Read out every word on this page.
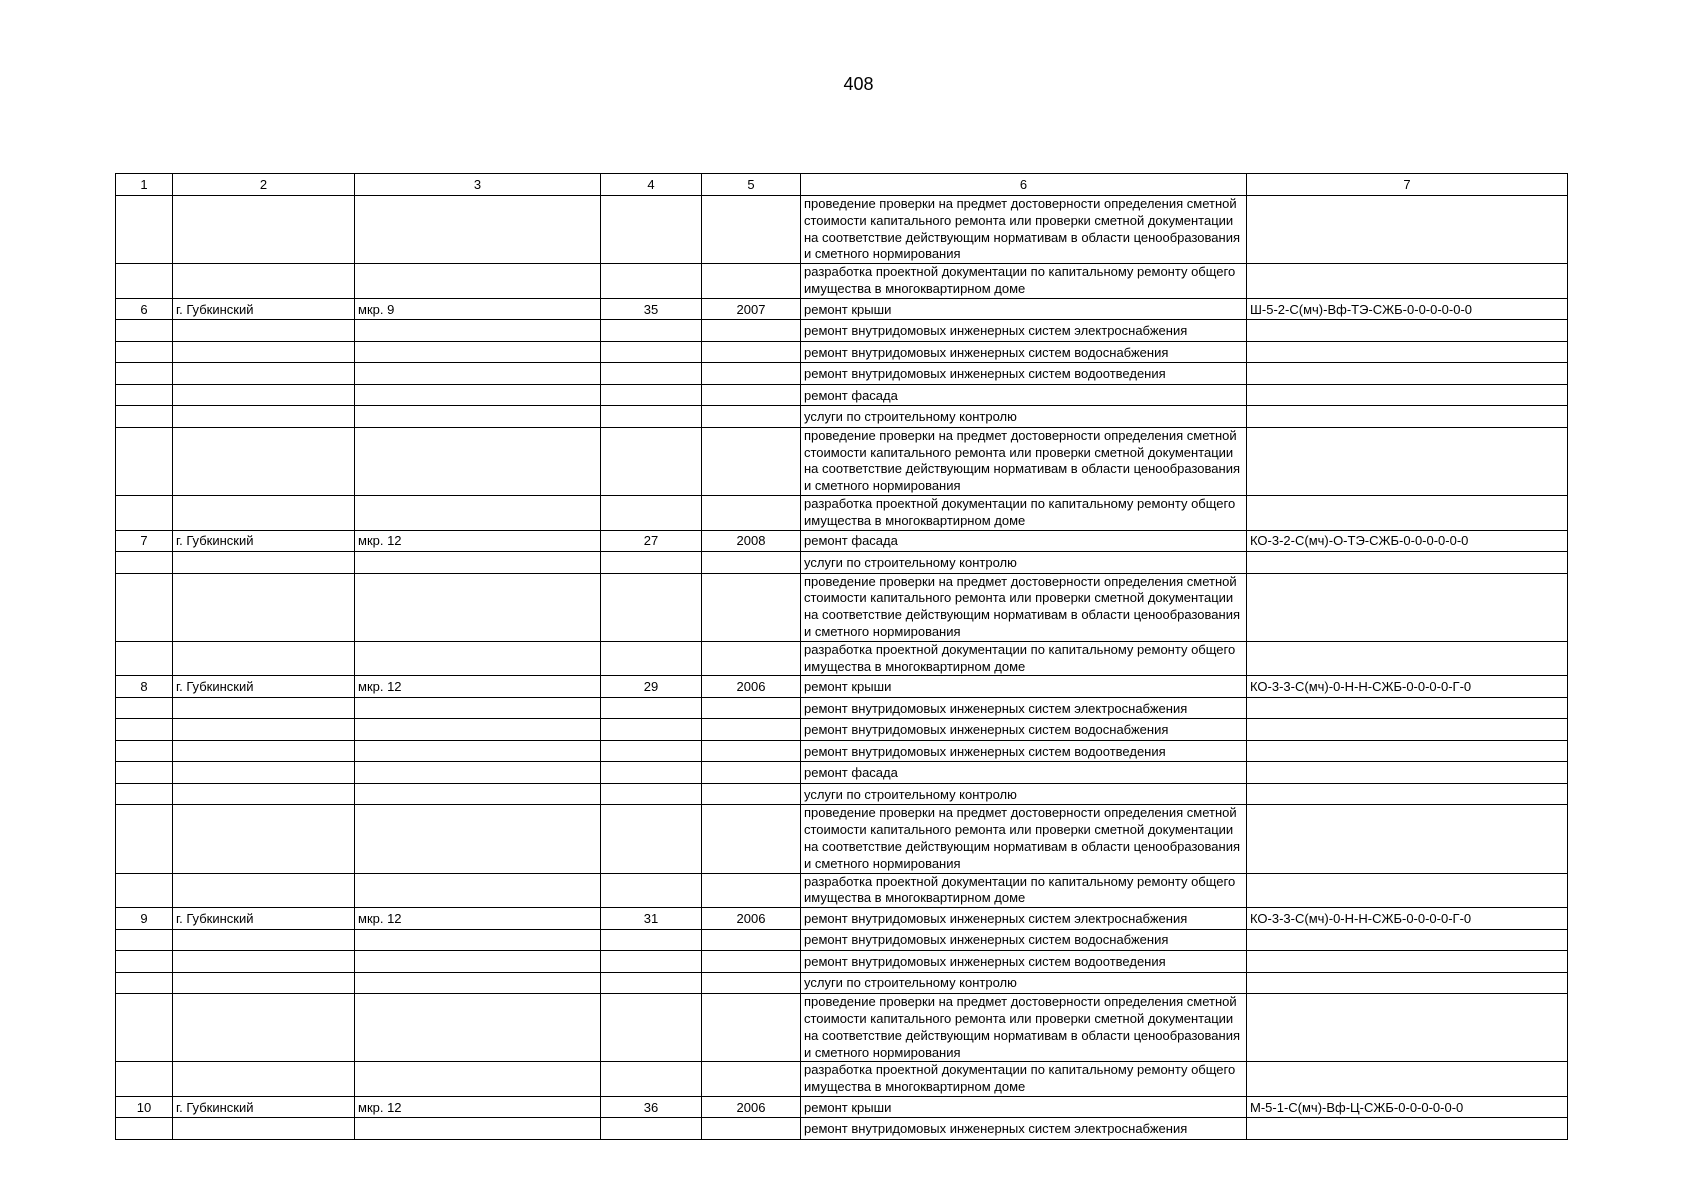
408
1	2	3	4	5	6	7
					проведение проверки на предмет достоверности определения сметной стоимости капитального ремонта или проверки сметной документации на соответствие действующим нормативам в области ценообразования и сметного нормирования	
					разработка проектной документации по капитальному ремонту общего имущества в многоквартирном доме	
6	г. Губкинский	мкр. 9	35	2007	ремонт крыши	Ш-5-2-С(мч)-Вф-ТЭ-СЖБ-0-0-0-0-0-0
					ремонт внутридомовых инженерных систем электроснабжения	
					ремонт внутридомовых инженерных систем водоснабжения	
					ремонт внутридомовых инженерных систем водоотведения	
					ремонт фасада	
					услуги по строительному контролю	
					проведение проверки на предмет достоверности определения сметной стоимости капитального ремонта или проверки сметной документации на соответствие действующим нормативам в области ценообразования и сметного нормирования	
					разработка проектной документации по капитальному ремонту общего имущества в многоквартирном доме	
7	г. Губкинский	мкр. 12	27	2008	ремонт фасада	КО-3-2-С(мч)-О-ТЭ-СЖБ-0-0-0-0-0-0
					услуги по строительному контролю	
					проведение проверки на предмет достоверности определения сметной стоимости капитального ремонта или проверки сметной документации на соответствие действующим нормативам в области ценообразования и сметного нормирования	
					разработка проектной документации по капитальному ремонту общего имущества в многоквартирном доме	
8	г. Губкинский	мкр. 12	29	2006	ремонт крыши	КО-3-3-С(мч)-0-Н-Н-СЖБ-0-0-0-0-Г-0
					ремонт внутридомовых инженерных систем электроснабжения	
					ремонт внутридомовых инженерных систем водоснабжения	
					ремонт внутридомовых инженерных систем водоотведения	
					ремонт фасада	
					услуги по строительному контролю	
					проведение проверки на предмет достоверности определения сметной стоимости капитального ремонта или проверки сметной документации на соответствие действующим нормативам в области ценообразования и сметного нормирования	
					разработка проектной документации по капитальному ремонту общего имущества в многоквартирном доме	
9	г. Губкинский	мкр. 12	31	2006	ремонт внутридомовых инженерных систем электроснабжения	КО-3-3-С(мч)-0-Н-Н-СЖБ-0-0-0-0-Г-0
					ремонт внутридомовых инженерных систем водоснабжения	
					ремонт внутридомовых инженерных систем водоотведения	
					услуги по строительному контролю	
					проведение проверки на предмет достоверности определения сметной стоимости капитального ремонта или проверки сметной документации на соответствие действующим нормативам в области ценообразования и сметного нормирования	
					разработка проектной документации по капитальному ремонту общего имущества в многоквартирном доме	
10	г. Губкинский	мкр. 12	36	2006	ремонт крыши	М-5-1-С(мч)-Вф-Ц-СЖБ-0-0-0-0-0-0
					ремонт внутридомовых инженерных систем электроснабжения	
